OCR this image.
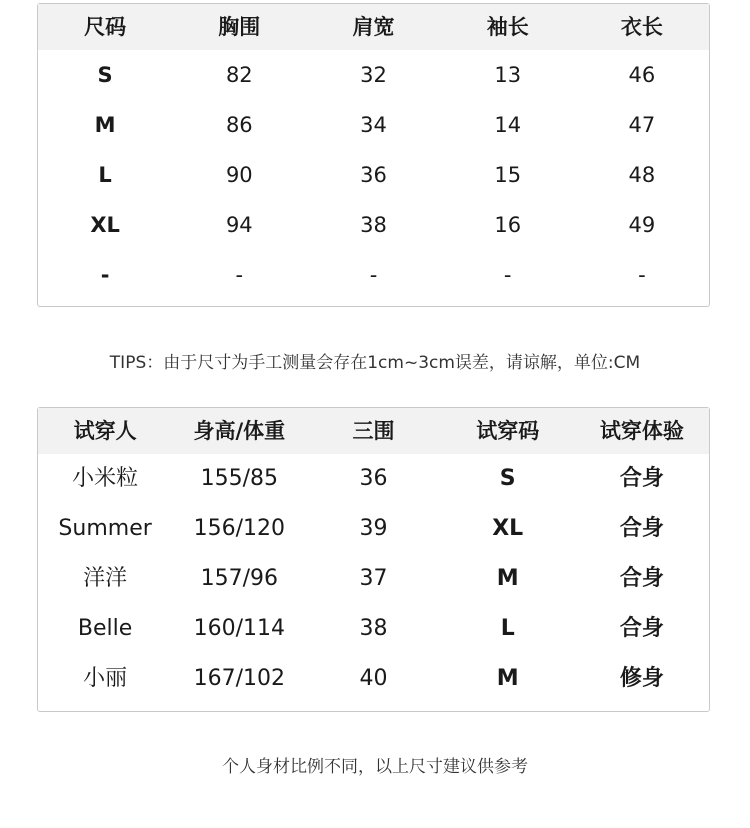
尺码	胸围	肩宽	袖长	衣长
S	82	32	13	46
M	86	34	14	47
L	90	36	15	48
XL	94	38	16	49
-	-	-	-	-
TIPS：由于尺寸为手工测量会存在1cm~3cm误差，请谅解，单位:CM
试穿人	身高/体重	三围	试穿码	试穿体验
小米粒	155/85	36	S	合身
Summer	156/120	39	XL	合身
洋洋	157/96	37	M	合身
Belle	160/114	38	L	合身
小丽	167/102	40	M	修身
个人身材比例不同，以上尺寸建议供参考
